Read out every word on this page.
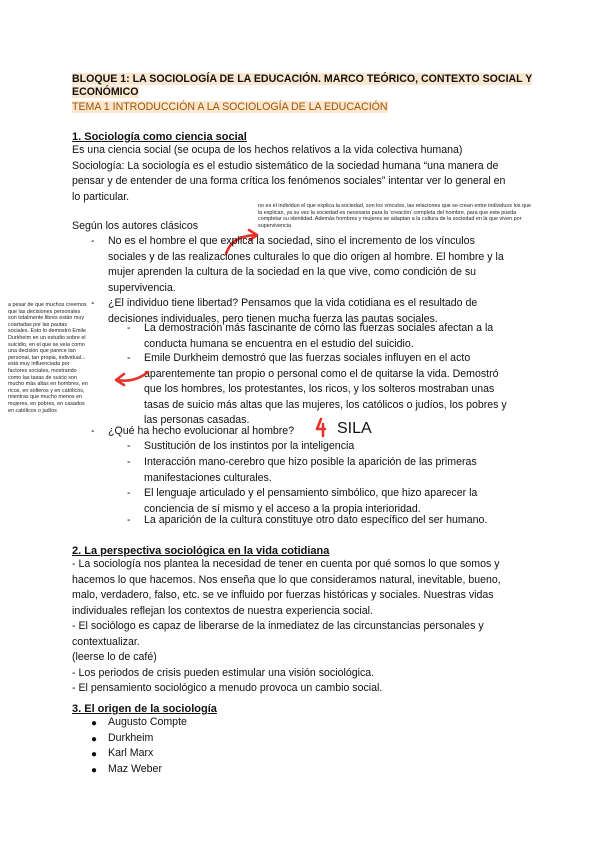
BLOQUE 1: LA SOCIOLOGÍA DE LA EDUCACIÓN. MARCO TEÓRICO, CONTEXTO SOCIAL Y ECONÓMICO
TEMA 1 INTRODUCCIÓN A LA SOCIOLOGÍA DE LA EDUCACIÓN
1. Sociología como ciencia social
Es una ciencia social (se ocupa de los hechos relativos a la vida colectiva humana)
Sociología: La sociología es el estudio sistemático de la sociedad humana “una manera de
pensar y de entender de una forma crítica los fenómenos sociales” intentar ver lo general en
lo particular.
no es el individuo el que explica la sociedad, son los vínculos, las relaciones que se crean entre individuos los que
la explican, ya su vez la sociedad es necesaria para la 'creación' completa del hombre, para que este pueda
completar su identidad. Además hombres y mujeres se adaptan a la cultura de la sociedad en la que viven por
supervivencia
Según los autores clásicos
- No es el hombre el que explica la sociedad, sino el incremento de los vínculos
sociales y de las realizaciones culturales lo que dio origen al hombre. El hombre y la
mujer aprenden la cultura de la sociedad en la que vive, como condición de su
supervivencia.
- ¿El individuo tiene libertad? Pensamos que la vida cotidiana es el resultado de
decisiones individuales, pero tienen mucha fuerza las pautas sociales.
- La demostración más fascinante de cómo las fuerzas sociales afectan a la
conducta humana se encuentra en el estudio del suicidio.
- Emile Durkheim demostró que las fuerzas sociales influyen en el acto
aparentemente tan propio o personal como el de quitarse la vida. Demostró
que los hombres, los protestantes, los ricos, y los solteros mostraban unas
tasas de suicio más altas que las mujeres, los católicos o judíos, los pobres y
las personas casadas.
a pesar de que muchos creemos
que las decisiones personales
son totalmente libres están muy
coartadas por las pautas
sociales. Esto lo demostró Emile
Durkheim en un estudio sobre el
suicidio, en el que se veía como
una decisión que parece tan
personal, tan propia, individual...
está muy influenciada por
factores sociales, mostrando
como las tasas de suicio son
mucho más altas en hombres, en
ricos, en solteros y en católicos,
mientras que mucho menos en
mujeres, en pobres, en casados
en católicos o judíos
- ¿Qué ha hecho evolucionar al hombre?	SILA
- Sustitución de los instintos por la inteligencia
- Interacción mano-cerebro que hizo posible la aparición de las primeras
manifestaciones culturales.
- El lenguaje articulado y el pensamiento simbólico, que hizo aparecer la
conciencia de sí mismo y el acceso a la propia interioridad.
- La aparición de la cultura constituye otro dato específico del ser humano.
2. La perspectiva sociológica en la vida cotidiana
- La sociología nos plantea la necesidad de tener en cuenta por qué somos lo que somos y
hacemos lo que hacemos. Nos enseña que lo que consideramos natural, inevitable, bueno,
malo, verdadero, falso, etc. se ve influido por fuerzas históricas y sociales. Nuestras vidas
individuales reflejan los contextos de nuestra experiencia social.
- El sociólogo es capaz de liberarse de la inmediatez de las circunstancias personales y
contextualizar.
(leerse lo de café)
- Los periodos de crisis pueden estimular una visión sociológica.
- El pensamiento sociológico a menudo provoca un cambio social.
3. El origen de la sociología
● Augusto Compte
● Durkheim
● Karl Marx
● Maz Weber
